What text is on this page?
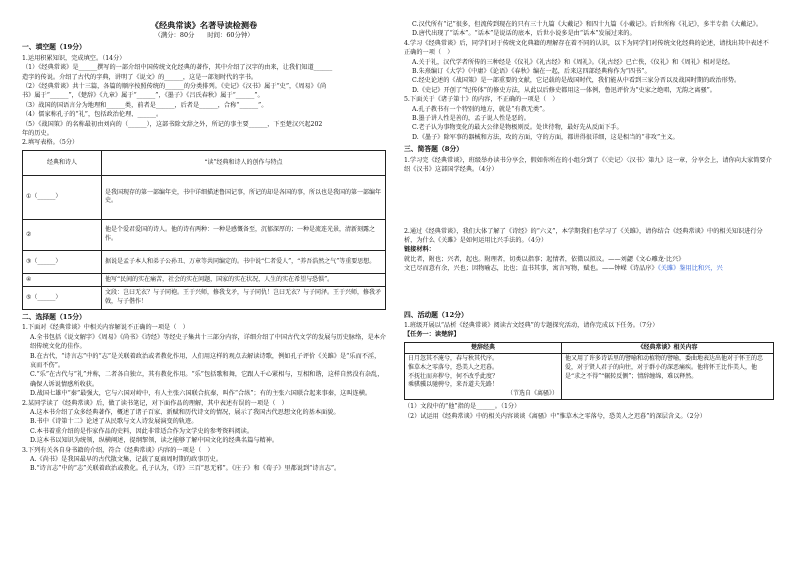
《经典常谈》名著导读检测卷

（满分：80分　　时间：60分钟）

一、填空题（19分）

1.运用积累知识，完成填空。（14分）

（1）《经典常谈》是______撰写的一部介绍中国传统文化经典的著作，其中介绍了汉字的由来，让我们知道______

造字的传说。介绍了古代的字典，讲明了《说文》的______，这是一部划时代的字书。

（2）《经典常谈》共十三篇，各篇的顺序按照传统的______的分类排列。《史记》《汉书》属于“史”，《周易》《尚

书》属于“______”，《楚辞》《九章》属于“______”，《墨子》《吕氏春秋》属于“______”。

（3）战国的国语言分为地理和______类，前者是______，后者是______，合称“______”。

（4）儒家称孔子的“礼”，包括政治伦理、______。

（5）《战国策》的名称最初由刘向的（______），这部书除文辞之外，所记的事主要______，下至楚汉兴起202

年的历史。

2.填写表格。（5分）

经典和诗人	“读”经典和诗人的创作与特点
①（______）	是我国现存的第一部编年史，书中详细描述鲁国记事，所记的却是各国的事，所以也是我国的第一部编年史。
②	他是个爱君爱国的诗人。他的诗有两种：一种是感慨备至，沉郁深厚的；一种是流连光景，清新刻露之作。
③（______）	据说是孟子本人和弟子公孙丑、万章等共同编定的。书中说“仁者爱人”，“养吾浩然之气”等重要思想。
④	他写“民间的实在痛苦，社会的实在问题，国家的实在状况，人生的实在希望与恐惧”。
⑤（______）	文段：岂曰无衣？与子同袍。王于兴师，修我戈矛，与子同仇！岂曰无衣？与子同泽。王于兴师，修我矛戟，与子偕作！

二、选择题（15分）

1.下面对《经典常谈》中相关内容解说不正确的一项是（　）

A.全书包括《说文解字》《周易》《尚书》《诗经》等经史子集共十三部分内容，详细介绍了中国古代文学的发展与历史脉络，是本介绍传统文化的佳作。

B.在古代，“诗言志”中的“志”是关联着政治或者教化作用，人们用这样的观点去解读诗歌，例如孔子评价《关雎》是“乐而不淫，哀而不伤”。

C.“乐”在古代与“礼”并称，二者各自独立，其有教化作用。“乐”包括歌和舞，它跟人千心紧相与，互相和谐，这样自然没有杂乱，确保人诉说情感所收获。

D.战国七雄中“秦”最强大，它与六国对峙中，有人主张六国联合抗秦，叫作“合纵”；有的主张六国联合起来事秦，这叫连横。

2.某同学读了《经典常谈》后，做了读书笔记，对下面作品的理解，其中表述有误的一项是（　）

A.这本书介绍了众多经典著作，概述了诸子百家、新赋和历代诗文的情况，展示了我国古代思想文化的基本面貌。

B.书中《诗第十二》论述了从民歌与文人诗发展演变的轨迹。

C.本书着重介绍的是作家作品的史料，因此非常适合作为文学史的参考资料阅读。

D.这本书以知识为统领，纵横阐述，提纲挈领，读之能够了解中国文化的经典名篇与精神。

3.下列有关各自身书籍的介绍，符合《经典常谈》内容的一项是（　）

A.《尚书》是我国最早的古代散文集，记载了夏商周时期的政事历史。

B.“诗言志”中的“志”关联着政治或教化。孔子认为，《诗》三百“思无邪”。《庄子》和《荀子》里都说到“诗言志”。

C.汉代所有“记”很多，但流传到现在的只有三十九篇《大戴记》和四十九篇《小戴记》。后世所称《礼记》，多半专指《大戴记》。

D.唐代出现了“话本”。“话本”是说话的底本，后世小说多是由“话本”发展过来的。

4.学习《经典常谈》后，同学们对于传统文化典籍的理解存在着不同的认识，以下为同学们对传统文化经典的论述，请找出其中表述不正确的一项（　）

A.关于礼，汉代学者所传的三种经是《仪礼》《礼古经》和《周礼》。《礼古经》已亡佚，《仪礼》和《周礼》相对是经。

B.朱熹编订《大学》《中庸》《论语》《春秋》编在一起，后来这四部经典称作为“四书”。

C.经史论述的《战国策》是一部重要的文献，它记载的是战国时代，我们能从中看到三家分晋以及战国时期的政治形势。

D.《史记》开创了“纪传体”的修史方法，从此以后修史都用这一体例，鲁迅评价为“史家之绝唱，无韵之离骚”。

5.下面关于《诸子第十》的内容，不正确的一项是（　）

A.孔子教书有一个特别的地方，就是“有教无类”。

B.墨子讲人性是善的，孟子说人性是恶的。

C.老子认为事物变化的最大公律是物极则反。处世待物，最好先从反面下手。

D.《墨子》除军事的器械和方法，攻的方面，守的方面，都讲得很详细，这是相当的“非攻”主义。

三、简答题（8分）

1.学习完《经典常谈》，班级举办读书分享会，假如你所在的小组分到了《〈史记〉〈汉书〉第九》这一章，分享会上，请你向大家简要介绍《汉书》这部国学经典。（4分）

2.通过《经典常谈》，我们大体了解了《诗经》的“六义”，本学期我们也学习了《关雎》，请你结合《经典常谈》中的相关知识进行分析，为什么《关雎》是如何运用比兴手法的。（4分）

链接材料：

就比者，附也；兴者，起也。附理者，切类以指事；起情者，依微以拟议。——刘勰《文心雕龙·比兴》

文已尽而意有余，兴也；因物喻志，比也；直书其事，寓言写物，赋也。——钟嵘《诗品序》《关雎》鉴用比和兴，兴

四、活动题（12分）

1.班级开展以“品析《经典常谈》阅读古文经典”的专题探究活动，请你完成以下任务。（7分）

【任务一：读楚辞】

楚辞经典	《经典常谈》相关内容

日月忽其不淹兮，春与秋其代序。
惟草木之零落兮，恐美人之迟暮。
不抚壮而弃秽兮，何不改乎此度？
乘骐骥以驰骋兮，来吾道夫先路！
（节选自《离骚》）	他又用了许多诗话里的譬喻和动植物的譬喻，委曲地表达出他对于怀王的忠爱，对于贤人君子的向往，对于群小的深恶痛疾。他将怀王比作美人，他是“求之不得”“辗转反侧”；情辞缠绵，难以释然。

（1）文段中的“他”指的是______。（1分）

（2）试运用《经典常谈》中的相关内容谈谈《离骚》中“惟草木之零落兮，恐美人之迟暮”的深层含义。（2分）
